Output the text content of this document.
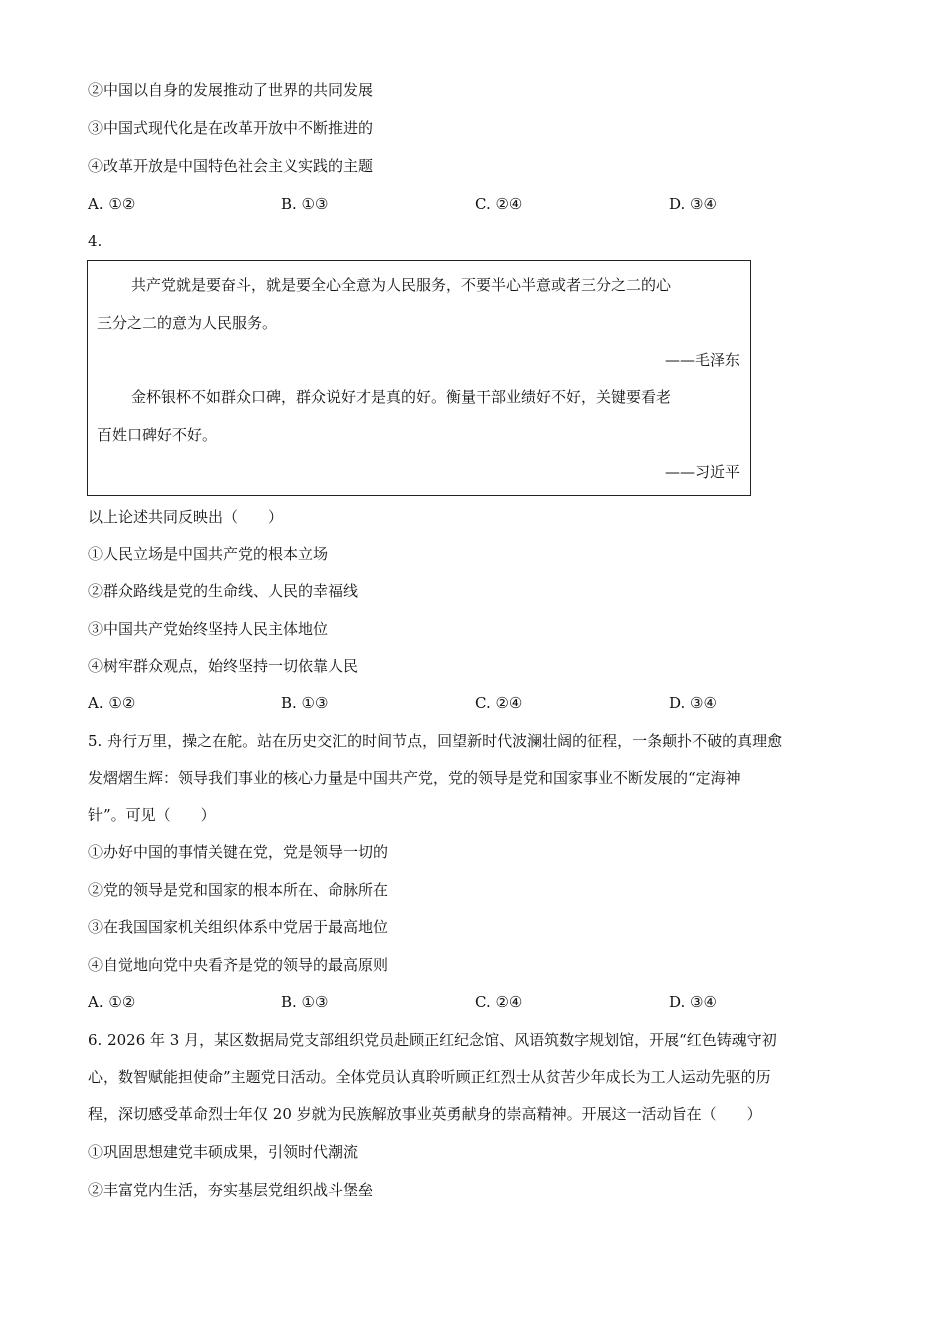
②中国以自身的发展推动了世界的共同发展
③中国式现代化是在改革开放中不断推进的
④改革开放是中国特色社会主义实践的主题
A. ①②	B. ①③	C. ②④	D. ③④
4.
共产党就是要奋斗，就是要全心全意为人民服务，不要半心半意或者三分之二的心
三分之二的意为人民服务。
——毛泽东
金杯银杯不如群众口碑，群众说好才是真的好。衡量干部业绩好不好，关键要看老
百姓口碑好不好。
——习近平
以上论述共同反映出（　　）
①人民立场是中国共产党的根本立场
②群众路线是党的生命线、人民的幸福线
③中国共产党始终坚持人民主体地位
④树牢群众观点，始终坚持一切依靠人民
A. ①②	B. ①③	C. ②④	D. ③④
5. 舟行万里，操之在舵。站在历史交汇的时间节点，回望新时代波澜壮阔的征程，一条颠扑不破的真理愈
发熠熠生辉：领导我们事业的核心力量是中国共产党，党的领导是党和国家事业不断发展的“定海神
针”。可见（　　）
①办好中国的事情关键在党，党是领导一切的
②党的领导是党和国家的根本所在、命脉所在
③在我国国家机关组织体系中党居于最高地位
④自觉地向党中央看齐是党的领导的最高原则
A. ①②	B. ①③	C. ②④	D. ③④
6. 2026 年 3 月，某区数据局党支部组织党员赴顾正红纪念馆、风语筑数字规划馆，开展“红色铸魂守初
心，数智赋能担使命”主题党日活动。全体党员认真聆听顾正红烈士从贫苦少年成长为工人运动先驱的历
程，深切感受革命烈士年仅 20 岁就为民族解放事业英勇献身的崇高精神。开展这一活动旨在（　　）
①巩固思想建党丰硕成果，引领时代潮流
②丰富党内生活，夯实基层党组织战斗堡垒
